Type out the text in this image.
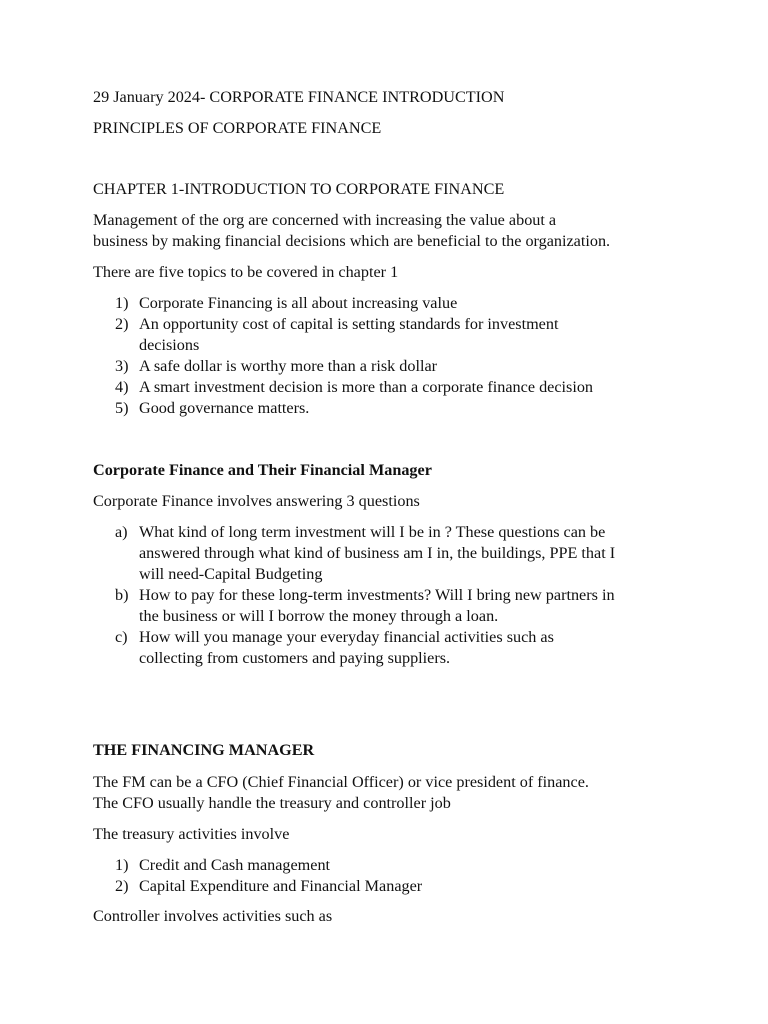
29 January 2024- CORPORATE FINANCE INTRODUCTION

PRINCIPLES OF CORPORATE FINANCE

CHAPTER 1-INTRODUCTION TO CORPORATE FINANCE

Management of the org are concerned with increasing the value about a

business by making financial decisions which are beneficial to the organization.

There are five topics to be covered in chapter 1

1) Corporate Financing is all about increasing value
2) An opportunity cost of capital is setting standards for investment
decisions
3) A safe dollar is worthy more than a risk dollar
4) A smart investment decision is more than a corporate finance decision
5) Good governance matters.

Corporate Finance and Their Financial Manager

Corporate Finance involves answering 3 questions

a) What kind of long term investment will I be in ? These questions can be
answered through what kind of business am I in, the buildings, PPE that I
will need-Capital Budgeting
b) How to pay for these long-term investments? Will I bring new partners in
the business or will I borrow the money through a loan.
c) How will you manage your everyday financial activities such as
collecting from customers and paying suppliers.

THE FINANCING MANAGER

The FM can be a CFO (Chief Financial Officer) or vice president of finance.

The CFO usually handle the treasury and controller job

The treasury activities involve

1) Credit and Cash management
2) Capital Expenditure and Financial Manager

Controller involves activities such as
